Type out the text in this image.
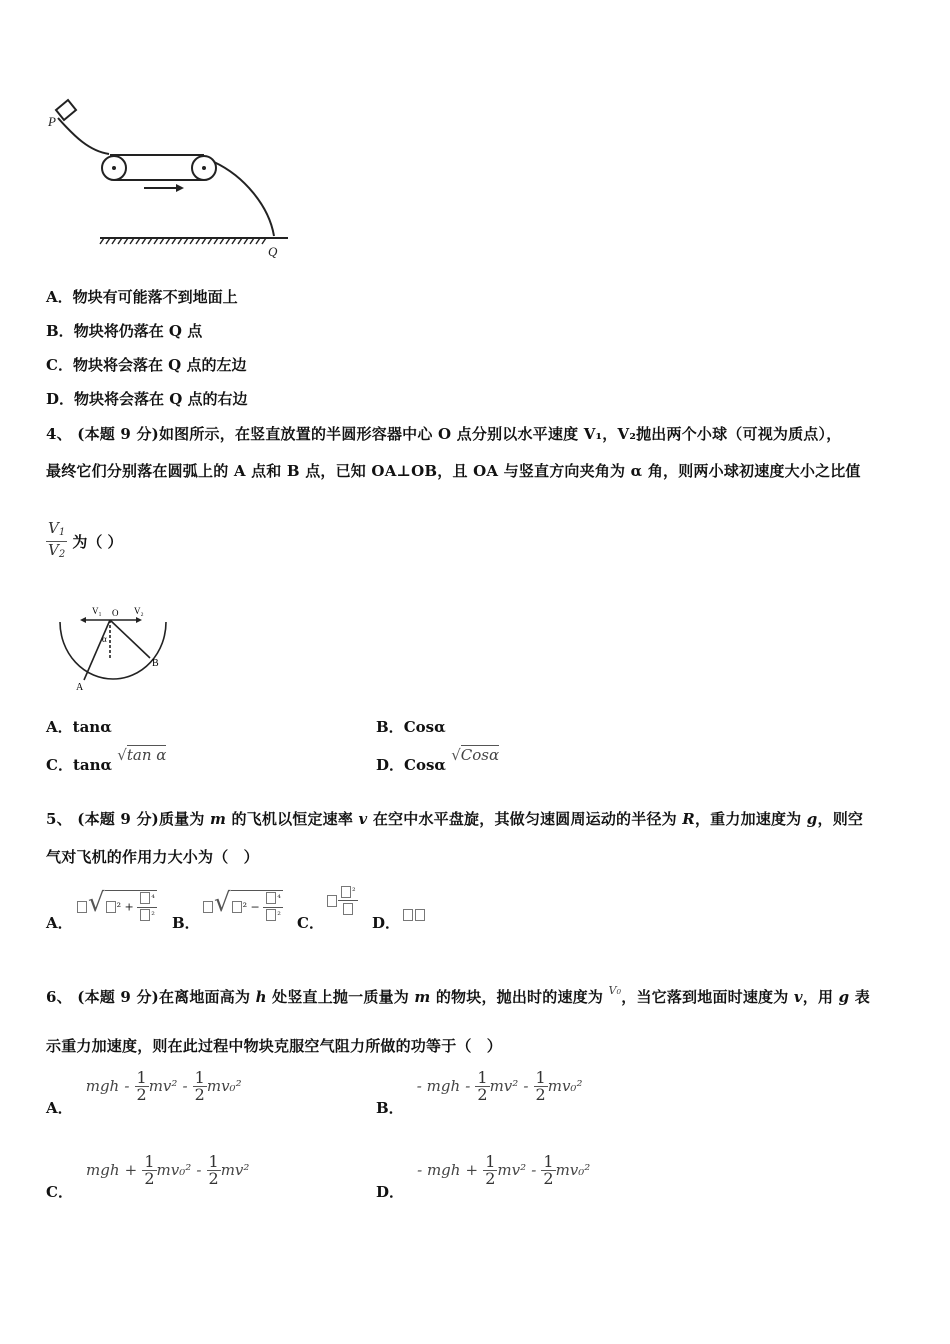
P
Q
A．物块有可能落不到地面上
B．物块将仍落在 Q 点
C．物块将会落在 Q 点的左边
D．物块将会落在 Q 点的右边
4、 (本题 9 分)如图所示，在竖直放置的半圆形容器中心 O 点分别以水平速度 V₁，V₂抛出两个小球（可视为质点），
最终它们分别落在圆弧上的 A 点和 B 点，已知 OA⊥OB，且 OA 与竖直方向夹角为 α 角，则两小球初速度大小之比值
$\frac{V_1}{V_2}$ 为（ ）
V₁ O V₂
α
A
B
A．tanα	B．Cosα
C．tanα √tan α
D．Cosα √Cosα
5、 (本题 9 分)质量为 m 的飞机以恒定速率 v 在空中水平盘旋，其做匀速圆周运动的半径为 R，重力加速度为 g，则空
气对飞机的作用力大小为（　）
A．
√ $^2 + \frac{\text{⁴}}{\text{²}}$ B．
√ $^2 - \frac{\text{⁴}}{\text{²}}$ C．
²
D．
6、 (本题 9 分)在离地面高为 h 处竖直上抛一质量为 m 的物块，抛出时的速度为 $^{V_0}$，当它落到地面时速度为 v，用 g 表
示重力加速度，则在此过程中物块克服空气阻力所做的功等于（　）
A． mgh - $\frac{1}{2} mv^2 - \frac{1}{2} mv_0^2$
B． - mgh - $\frac{1}{2} mv^2 - \frac{1}{2} mv_0^2$
C． mgh + $\frac{1}{2} mv_0^2 - \frac{1}{2} mv^2$
D． - mgh + $\frac{1}{2} mv^2 - \frac{1}{2} mv_0^2$
